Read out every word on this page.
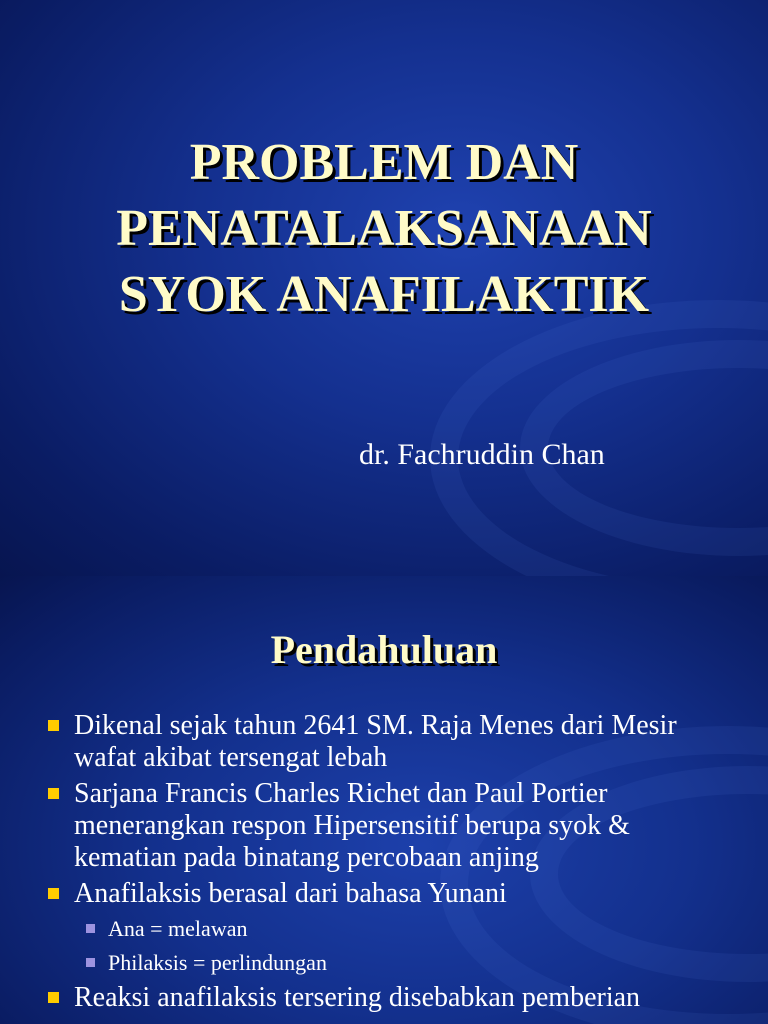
PROBLEM DAN
PENATALAKSANAAN
SYOK ANAFILAKTIK

dr. Fachruddin Chan

Pendahuluan
Dikenal sejak tahun 2641 SM. Raja Menes dari Mesir
wafat akibat tersengat lebah
Sarjana Francis Charles Richet dan Paul Portier
menerangkan respon Hipersensitif berupa syok &
kematian pada binatang percobaan anjing
Anafilaksis berasal dari bahasa Yunani
Ana = melawan
Philaksis = perlindungan
Reaksi anafilaksis tersering disebabkan pemberian
